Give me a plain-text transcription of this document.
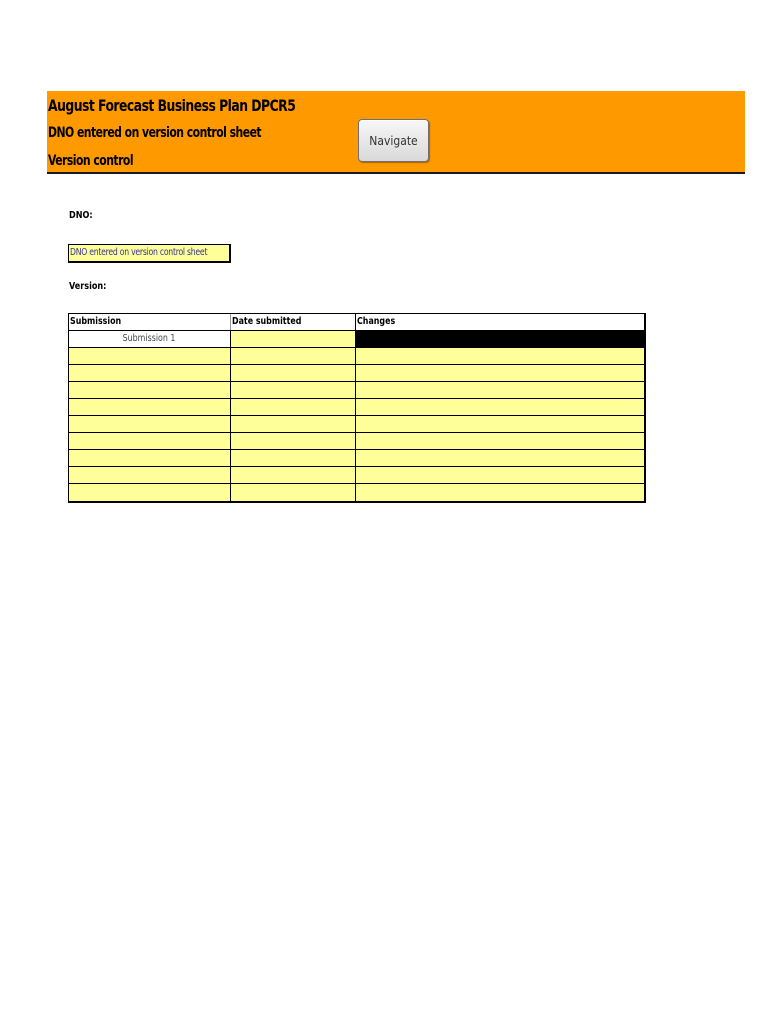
August Forecast Business Plan DPCR5
DNO entered on version control sheet
Version control
Navigate
DNO:
DNO entered on version control sheet
Version:
Submission	Date submitted	Changes
Submission 1
